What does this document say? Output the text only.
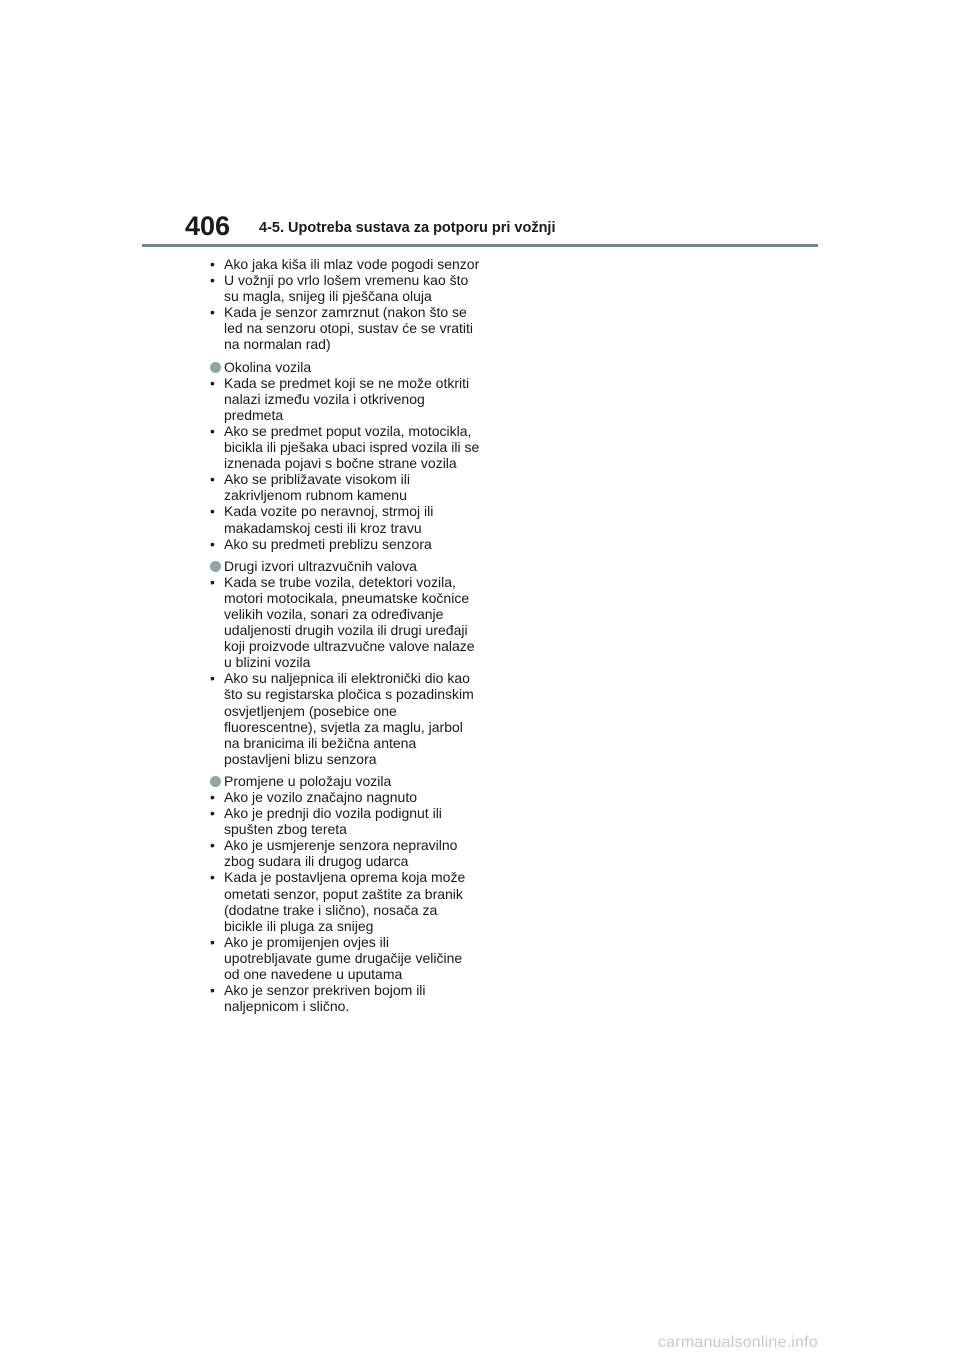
406 4-5. Upotreba sustava za potporu pri vožnji
• Ako jaka kiša ili mlaz vode pogodi senzor
• U vožnji po vrlo lošem vremenu kao što su magla, snijeg ili pješčana oluja
• Kada je senzor zamrznut (nakon što se led na senzoru otopi, sustav će se vratiti na normalan rad)
Okolina vozila
• Kada se predmet koji se ne može otkriti nalazi između vozila i otkrivenog predmeta
• Ako se predmet poput vozila, motocikla, bicikla ili pješaka ubaci ispred vozila ili se iznenada pojavi s bočne strane vozila
• Ako se približavate visokom ili zakrivljenom rubnom kamenu
• Kada vozite po neravnoj, strmoj ili makadamskoj cesti ili kroz travu
• Ako su predmeti preblizu senzora
Drugi izvori ultrazvučnih valova
• Kada se trube vozila, detektori vozila, motori motocikala, pneumatske kočnice velikih vozila, sonari za određivanje udaljenosti drugih vozila ili drugi uređaji koji proizvode ultrazvučne valove nalaze u blizini vozila
• Ako su naljepnica ili elektronički dio kao što su registarska pločica s pozadinskim osvjetljenjem (posebice one fluorescentne), svjetla za maglu, jarbol na branicima ili bežična antena postavljeni blizu senzora
Promjene u položaju vozila
• Ako je vozilo značajno nagnuto
• Ako je prednji dio vozila podignut ili spušten zbog tereta
• Ako je usmjerenje senzora nepravilno zbog sudara ili drugog udarca
• Kada je postavljena oprema koja može ometati senzor, poput zaštite za branik (dodatne trake i slično), nosača za bicikle ili pluga za snijeg
• Ako je promijenjen ovjes ili upotrebljavate gume drugačije veličine od one navedene u uputama
• Ako je senzor prekriven bojom ili naljepnicom i slično.
carmanualsonline.info
